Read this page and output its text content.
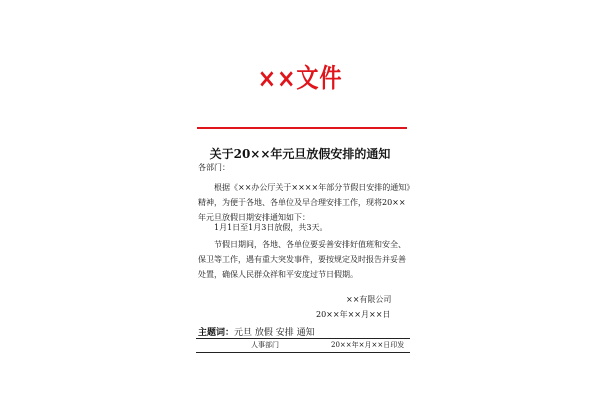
××文件
关于20××年元旦放假安排的通知
各部门：
根据《××办公厅关于××××年部分节假日安排的通知》精神，为便于各地、各单位及早合理安排工作，现将20××年元旦放假日期安排通知如下：
1月1日至1月3日放假，共3天。
节假日期间，各地、各单位要妥善安排好值班和安全、保卫等工作，遇有重大突发事件，要按规定及时报告并妥善处置，确保人民群众祥和平安度过节日假期。
××有限公司
20××年××月××日
主题词：元旦 放假 安排 通知
人事部门	20××年×月××日印发
